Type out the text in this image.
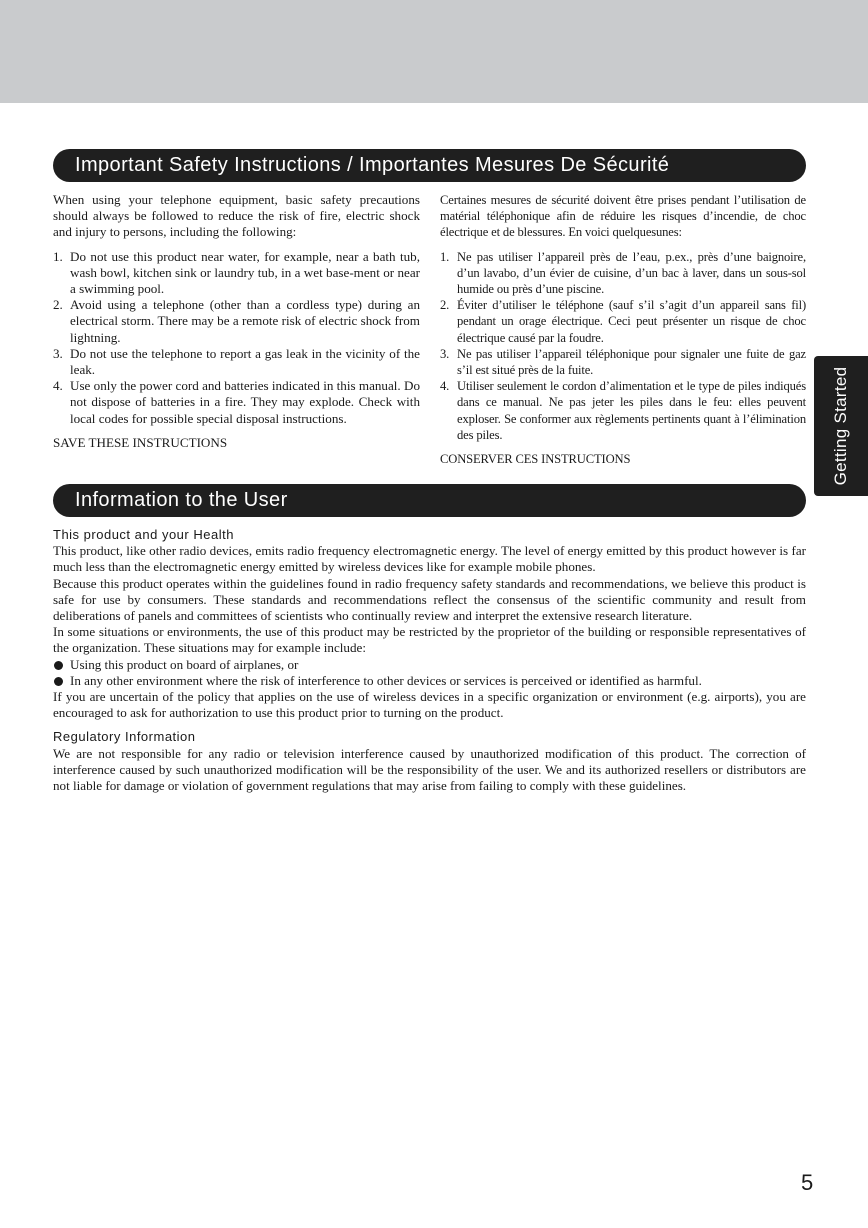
Important Safety Instructions / Importantes Mesures De Sécurité

When using your telephone equipment, basic safety precautions should always be followed to reduce the risk of fire, electric shock and injury to persons, including the following:

1. Do not use this product near water, for example, near a bath tub, wash bowl, kitchen sink or laundry tub, in a wet base-ment or near a swimming pool.
2. Avoid using a telephone (other than a cordless type) during an electrical storm. There may be a remote risk of electric shock from lightning.
3. Do not use the telephone to report a gas leak in the vicinity of the leak.
4. Use only the power cord and batteries indicated in this manual. Do not dispose of batteries in a fire. They may explode. Check with local codes for possible special disposal instructions.

SAVE THESE INSTRUCTIONS

Certaines mesures de sécurité doivent être prises pendant l’utilisation de matérial téléphonique afin de réduire les risques d’incendie, de choc électrique et de blessures. En voici quelquesunes:

1. Ne pas utiliser l’appareil près de l’eau, p.ex., près d’une baignoire, d’un lavabo, d’un évier de cuisine, d’un bac à laver, dans un sous-sol humide ou près d’une piscine.
2. Éviter d’utiliser le téléphone (sauf s’il s’agit d’un appareil sans fil) pendant un orage électrique. Ceci peut présenter un risque de choc électrique causé par la foudre.
3. Ne pas utiliser l’appareil téléphonique pour signaler une fuite de gaz s’il est situé près de la fuite.
4. Utiliser seulement le cordon d’alimentation et le type de piles indiqués dans ce manual. Ne pas jeter les piles dans le feu: elles peuvent exploser. Se conformer aux règlements pertinents quant à l’élimination des piles.

CONSERVER CES INSTRUCTIONS	Getting Started
Information to the User

This product and your Health

This product, like other radio devices, emits radio frequency electromagnetic energy. The level of energy emitted by this product however is far much less than the electromagnetic energy emitted by wireless devices like for example mobile phones.

Because this product operates within the guidelines found in radio frequency safety standards and recommendations, we believe this product is safe for use by consumers. These standards and recommendations reflect the consensus of the scientific community and result from deliberations of panels and committees of scientists who continually review and interpret the extensive research literature.

In some situations or environments, the use of this product may be restricted by the proprietor of the building or responsible representatives of the organization. These situations may for example include:

Using this product on board of airplanes, or

In any other environment where the risk of interference to other devices or services is perceived or identified as harmful.

If you are uncertain of the policy that applies on the use of wireless devices in a specific organization or environment (e.g. airports), you are encouraged to ask for authorization to use this product prior to turning on the product.

Regulatory Information

We are not responsible for any radio or television interference caused by unauthorized modification of this product. The correction of interference caused by such unauthorized modification will be the responsibility of the user. We and its authorized resellers or distributors are not liable for damage or violation of government regulations that may arise from failing to comply with these guidelines.

5
